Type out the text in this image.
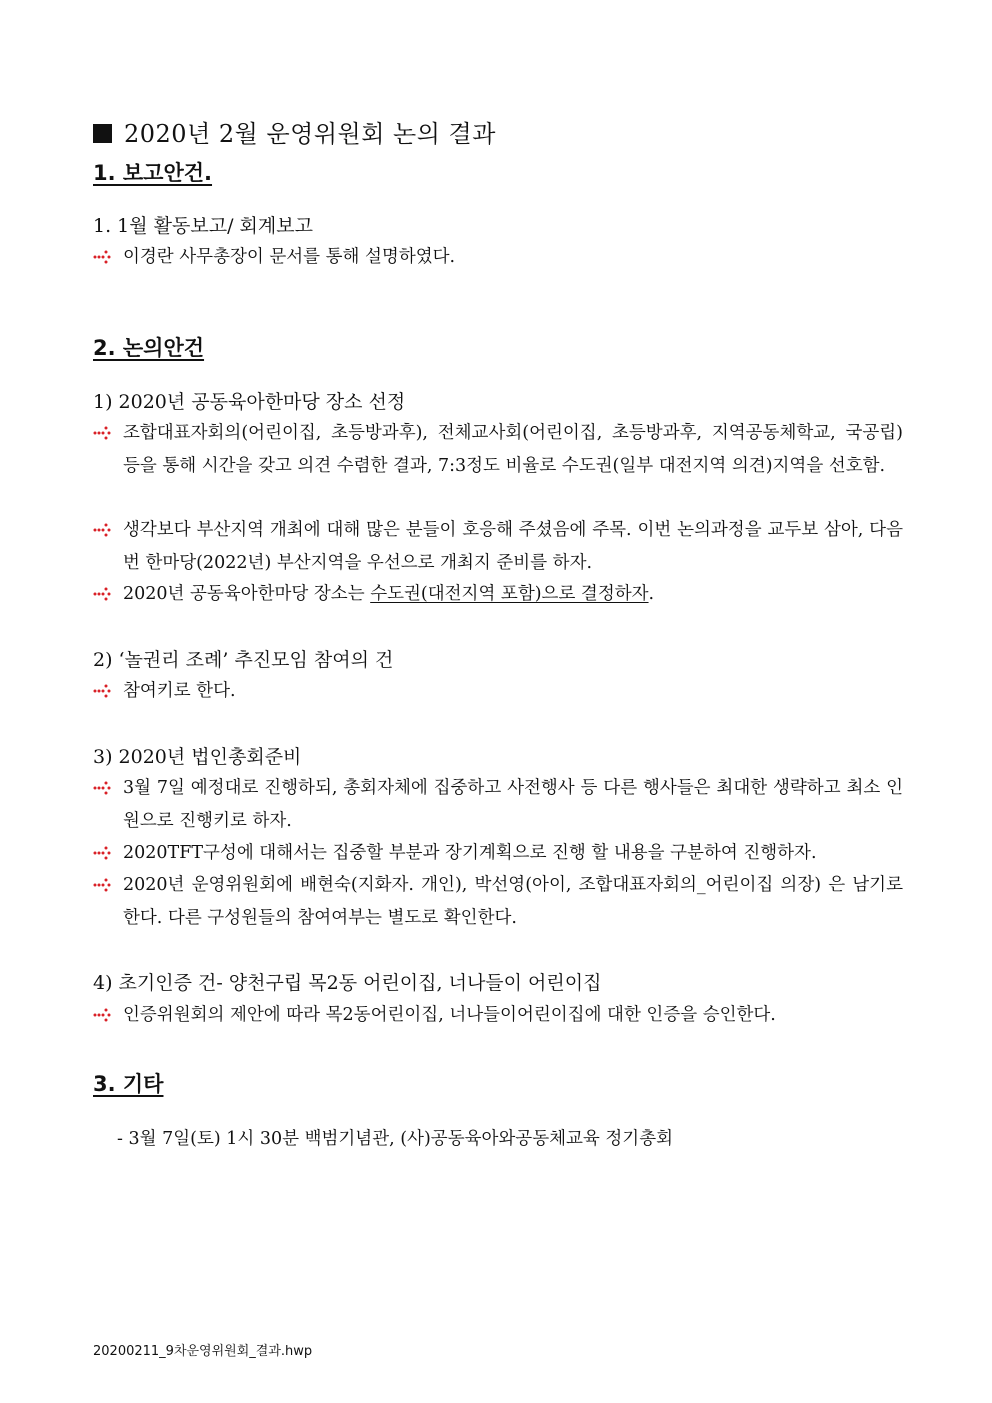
2020년 2월 운영위원회 논의 결과
1. 보고안건.
1. 1월 활동보고/ 회계보고
이경란 사무총장이 문서를 통해 설명하였다.
2. 논의안건
1) 2020년 공동육아한마당 장소 선정
조합대표자회의(어린이집, 초등방과후), 전체교사회(어린이집, 초등방과후, 지역공동체학교, 국공립) 등을 통해 시간을 갖고 의견 수렴한 결과, 7:3정도 비율로 수도권(일부 대전지역 의견)지역을 선호함.
생각보다 부산지역 개최에 대해 많은 분들이 호응해 주셨음에 주목. 이번 논의과정을 교두보 삼아, 다음번 한마당(2022년) 부산지역을 우선으로 개최지 준비를 하자.
2020년 공동육아한마당 장소는 수도권(대전지역 포함)으로 결정하자.
2) ‘놀권리 조례’ 추진모임 참여의 건
참여키로 한다.
3) 2020년 법인총회준비
3월 7일 예정대로 진행하되, 총회자체에 집중하고 사전행사 등 다른 행사들은 최대한 생략하고 최소 인원으로 진행키로 하자.
2020TFT구성에 대해서는 집중할 부분과 장기계획으로 진행 할 내용을 구분하여 진행하자.
2020년 운영위원회에 배현숙(지화자. 개인), 박선영(아이, 조합대표자회의_어린이집 의장) 은 남기로 한다. 다른 구성원들의 참여여부는 별도로 확인한다.
4) 초기인증 건- 양천구립 목2동 어린이집, 너나들이 어린이집
인증위원회의 제안에 따라 목2동어린이집, 너나들이어린이집에 대한 인증을 승인한다.
3. 기타
- 3월 7일(토) 1시 30분 백범기념관, (사)공동육아와공동체교육 정기총회
20200211_9차운영위원회_결과.hwp
